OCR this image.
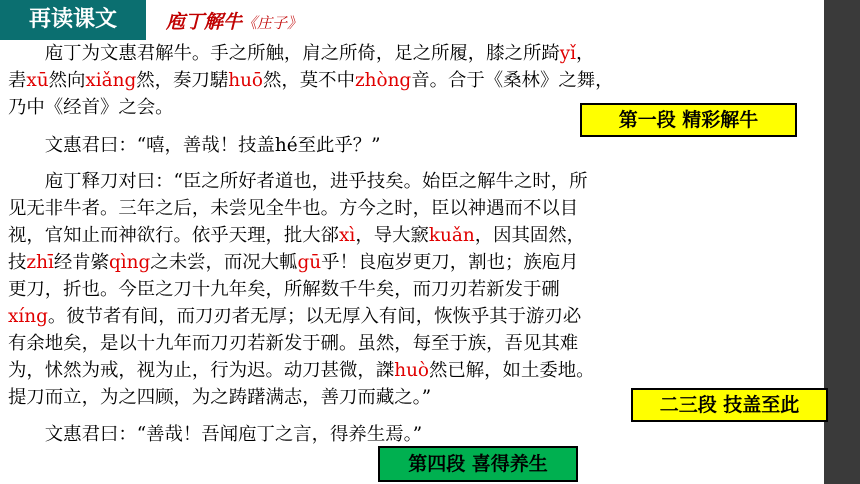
再读课文	庖丁解牛《庄子》
　　庖丁为文惠君解牛。手之所触，肩之所倚，足之所履，膝之所踦yǐ，
砉xū然向xiǎng然，奏刀騞huō然，莫不中zhòng音。合于《桑林》之舞，
乃中《经首》之会。
　　文惠君曰：“嘻，善哉！技盖hé至此乎？”
　　庖丁释刀对曰：“臣之所好者道也，进乎技矣。始臣之解牛之时，所
见无非牛者。三年之后，未尝见全牛也。方今之时，臣以神遇而不以目
视，官知止而神欲行。依乎天理，批大郤xì，导大窾kuǎn，因其固然，
技zhī经肯綮qìng之未尝，而况大軱gū乎！良庖岁更刀，割也；族庖月
更刀，折也。今臣之刀十九年矣，所解数千牛矣，而刀刃若新发于硎
xíng。彼节者有间，而刀刃者无厚；以无厚入有间，恢恢乎其于游刃必
有余地矣，是以十九年而刀刃若新发于硎。虽然，每至于族，吾见其难
为，怵然为戒，视为止，行为迟。动刀甚微，謋huò然已解，如土委地。
提刀而立，为之四顾，为之踌躇满志，善刀而藏之。”
　　文惠君曰：“善哉！吾闻庖丁之言，得养生焉。”
第一段 精彩解牛
二三段 技盖至此
第四段 喜得养生
